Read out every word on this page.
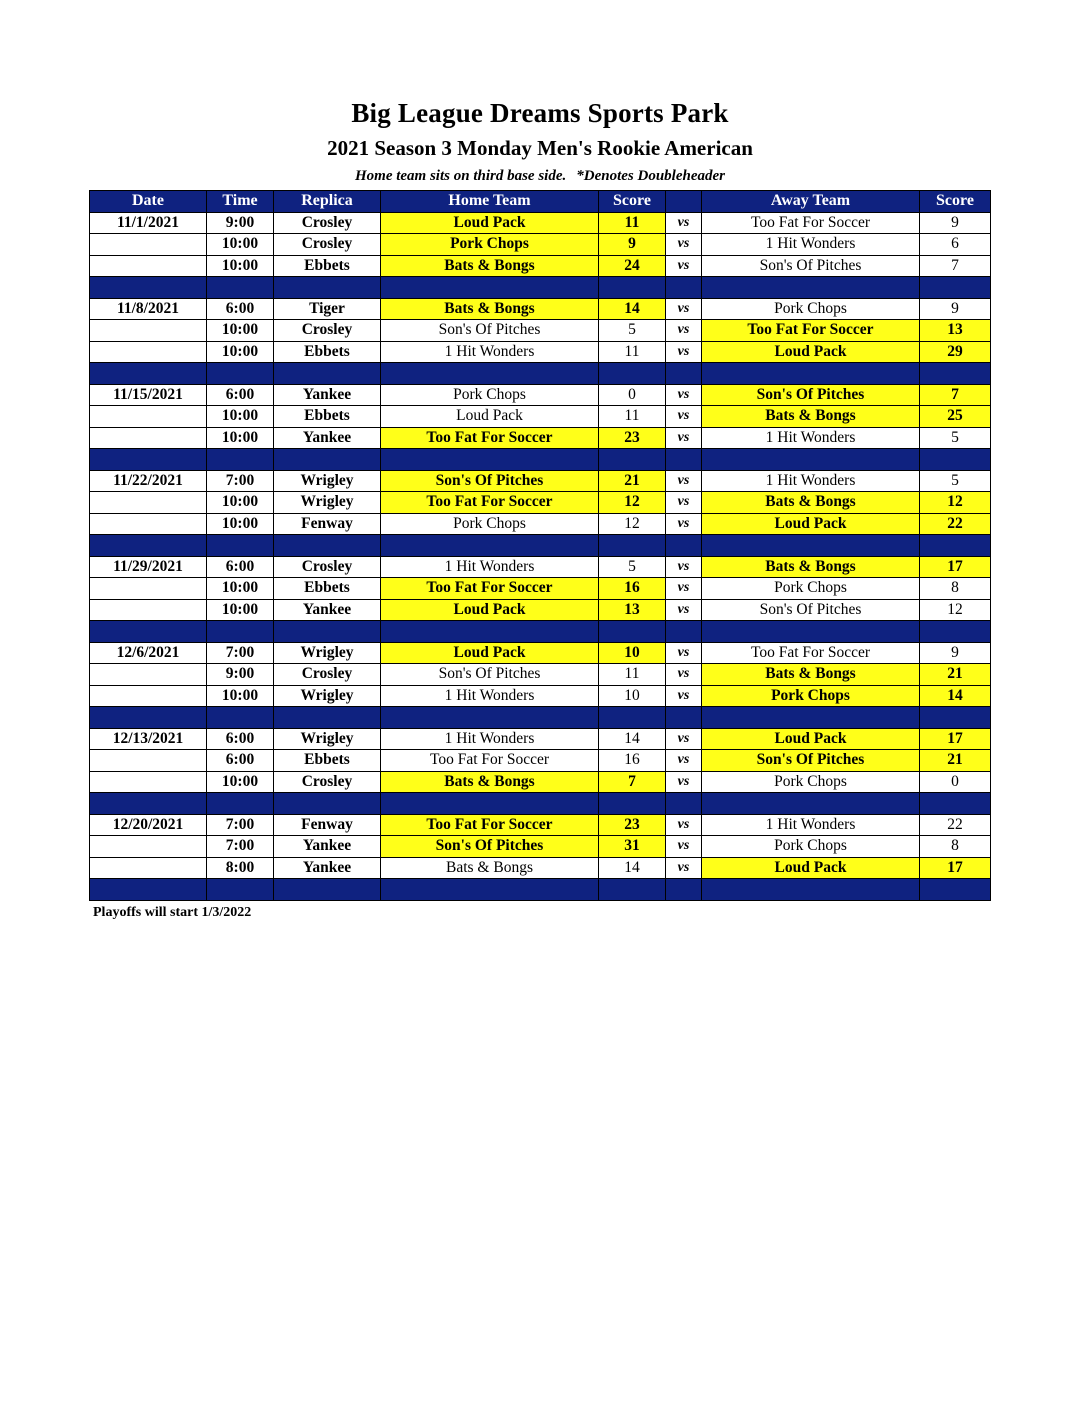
Big League Dreams Sports Park
2021 Season 3 Monday Men's Rookie American
Home team sits on third base side. *Denotes Doubleheader
Date	Time	Replica	Home Team	Score		Away Team	Score
11/1/2021	9:00	Crosley	Loud Pack	11	vs	Too Fat For Soccer	9
	10:00	Crosley	Pork Chops	9	vs	1 Hit Wonders	6
	10:00	Ebbets	Bats & Bongs	24	vs	Son's Of Pitches	7

11/8/2021	6:00	Tiger	Bats & Bongs	14	vs	Pork Chops	9
	10:00	Crosley	Son's Of Pitches	5	vs	Too Fat For Soccer	13
	10:00	Ebbets	1 Hit Wonders	11	vs	Loud Pack	29

11/15/2021	6:00	Yankee	Pork Chops	0	vs	Son's Of Pitches	7
	10:00	Ebbets	Loud Pack	11	vs	Bats & Bongs	25
	10:00	Yankee	Too Fat For Soccer	23	vs	1 Hit Wonders	5

11/22/2021	7:00	Wrigley	Son's Of Pitches	21	vs	1 Hit Wonders	5
	10:00	Wrigley	Too Fat For Soccer	12	vs	Bats & Bongs	12
	10:00	Fenway	Pork Chops	12	vs	Loud Pack	22

11/29/2021	6:00	Crosley	1 Hit Wonders	5	vs	Bats & Bongs	17
	10:00	Ebbets	Too Fat For Soccer	16	vs	Pork Chops	8
	10:00	Yankee	Loud Pack	13	vs	Son's Of Pitches	12

12/6/2021	7:00	Wrigley	Loud Pack	10	vs	Too Fat For Soccer	9
	9:00	Crosley	Son's Of Pitches	11	vs	Bats & Bongs	21
	10:00	Wrigley	1 Hit Wonders	10	vs	Pork Chops	14

12/13/2021	6:00	Wrigley	1 Hit Wonders	14	vs	Loud Pack	17
	6:00	Ebbets	Too Fat For Soccer	16	vs	Son's Of Pitches	21
	10:00	Crosley	Bats & Bongs	7	vs	Pork Chops	0

12/20/2021	7:00	Fenway	Too Fat For Soccer	23	vs	1 Hit Wonders	22
	7:00	Yankee	Son's Of Pitches	31	vs	Pork Chops	8
	8:00	Yankee	Bats & Bongs	14	vs	Loud Pack	17

Playoffs will start 1/3/2022
